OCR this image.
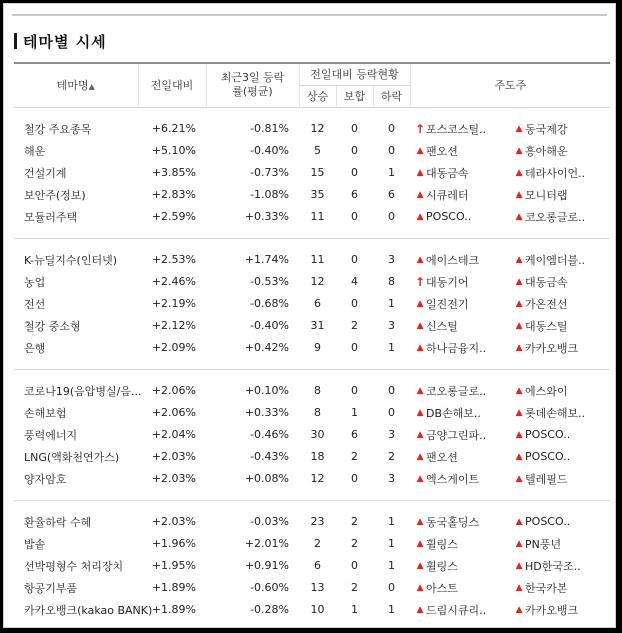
테마별 시세
테마명▲	전일대비	최근3일 등락률(평균)	전일대비 등락현황			주도주
			상승	보합	하락	

철강 주요종목	+6.21%	-0.81%	12	0	0	↑ 포스코스틸.. ▲ 동국제강

해운	+5.10%	-0.40%	5	0	0	▲ 팬오션 ▲ 흥아해운

건설기계	+3.85%	-0.73%	15	0	1	▲ 대동금속 ▲ 테라사이언..

보안주(정보)	+2.83%	-1.08%	35	6	6	▲ 시큐레터 ▲ 모니터랩

모듈러주택	+2.59%	+0.33%	11	0	0	▲ POSCO.. ▲ 코오롱글로..

K-뉴딜지수(인터넷)	+2.53%	+1.74%	11	0	3	▲ 에이스테크 ▲ 케이엠더블..

농업	+2.46%	-0.53%	12	4	8	↑ 대동기어 ▲ 대동금속

전선	+2.19%	-0.68%	6	0	1	▲ 일진전기 ▲ 가온전선

철강 중소형	+2.12%	-0.40%	31	2	3	▲ 신스틸 ▲ 대동스틸

은행	+2.09%	+0.42%	9	0	1	▲ 하나금융지.. ▲ 카카오뱅크

코로나19(음압병실/음...	+2.06%	+0.10%	8	0	0	▲ 코오롱글로.. ▲ 에스와이

손해보험	+2.06%	+0.33%	8	1	0	▲ DB손해보.. ▲ 롯데손해보..

풍력에너지	+2.04%	-0.46%	30	6	3	▲ 금양그린파.. ▲ POSCO..

LNG(액화천연가스)	+2.03%	-0.43%	18	2	2	▲ 팬오션 ▲ POSCO..

양자암호	+2.03%	+0.08%	12	0	3	▲ 엑스게이트 ▲ 텔레필드

환율하락 수혜	+2.03%	-0.03%	23	2	1	▲ 동국홀딩스 ▲ POSCO..

밥솥	+1.96%	+2.01%	2	2	1	▲ 휠링스 ▲ PN풍년

선박평형수 처리장치	+1.95%	+0.91%	6	0	1	▲ 휠링스 ▲ HD한국조..

항공기부품	+1.89%	-0.60%	13	2	0	▲ 아스트 ▲ 한국카본

카카오뱅크(kakao BANK)	+1.89%	-0.28%	10	1	1	▲ 드림시큐리.. ▲ 카카오뱅크
